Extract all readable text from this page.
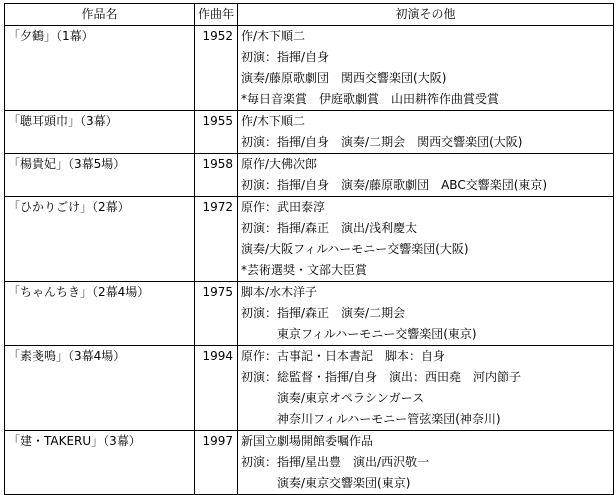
作品名	作曲年	初演その他
「夕鶴」（1幕）	1952	作/木下順二
初演：指揮/自身
演奏/藤原歌劇団　関西交響楽団(大阪)
*毎日音楽賞　伊庭歌劇賞　山田耕筰作曲賞受賞

「聴耳頭巾」（3幕）	1955	作/木下順二
初演：指揮/自身　演奏/二期会　関西交響楽団(大阪)

「楊貴妃」（3幕5場）	1958	原作/大佛次郎
初演：指揮/自身　演奏/藤原歌劇団　ABC交響楽団(東京)

「ひかりごけ」（2幕）	1972	原作：武田泰淳
初演：指揮/森正　演出/浅利慶太
演奏/大阪フィルハーモニー交響楽団(大阪)
*芸術選奨・文部大臣賞

「ちゃんちき」（2幕4場）	1975	脚本/水木洋子
初演：指揮/森正　演奏/二期会
東京フィルハーモニー交響楽団(東京)

「素戔鳴」（3幕4場）	1994	原作：古事記・日本書記　脚本：自身
初演：総監督・指揮/自身　演出：西田堯　河内節子
演奏/東京オペラシンガース
神奈川フィルハーモニー管弦楽団(神奈川)

「建・TAKERU」（3幕）	1997	新国立劇場開館委嘱作品
初演：指揮/星出豊　演出/西沢敬一
演奏/東京交響楽団(東京)
